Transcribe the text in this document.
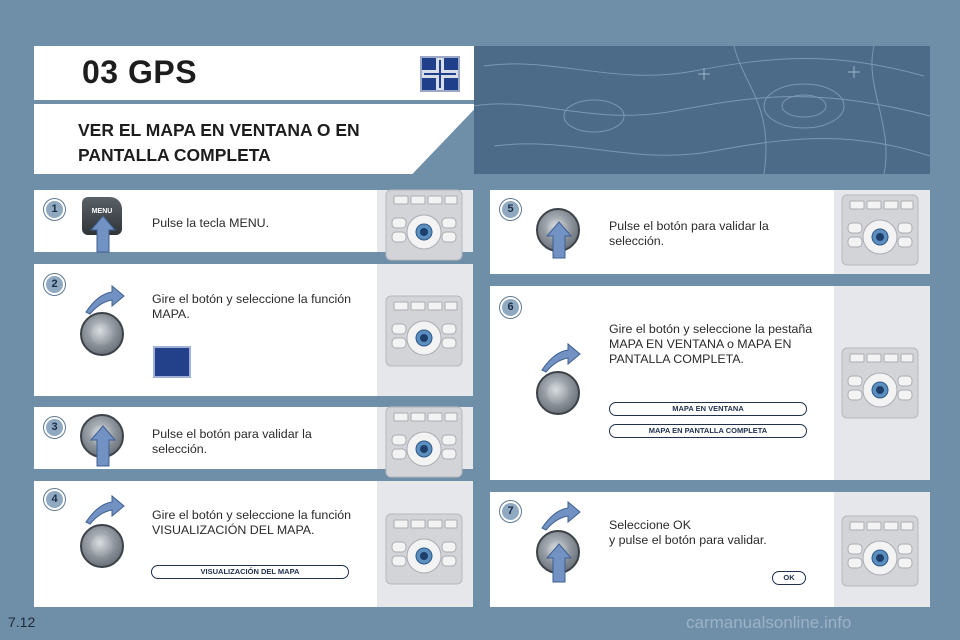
03 GPS
VER EL MAPA EN VENTANA O EN PANTALLA COMPLETA
1	MENU
Pulse la tecla MENU.
2
Gire el botón y seleccione la función MAPA.
3	Pulse el botón para validar la selección.
4
Gire el botón y seleccione la función VISUALIZACIÓN DEL MAPA.
VISUALIZACIÓN DEL MAPA
5
Pulse el botón para validar la selección.
6
Gire el botón y seleccione la pestaña MAPA EN VENTANA o MAPA EN PANTALLA COMPLETA.
MAPA EN VENTANA
MAPA EN PANTALLA COMPLETA
7
Seleccione OK
y pulse el botón para validar.
OK
7.12	carmanualsonline.info
